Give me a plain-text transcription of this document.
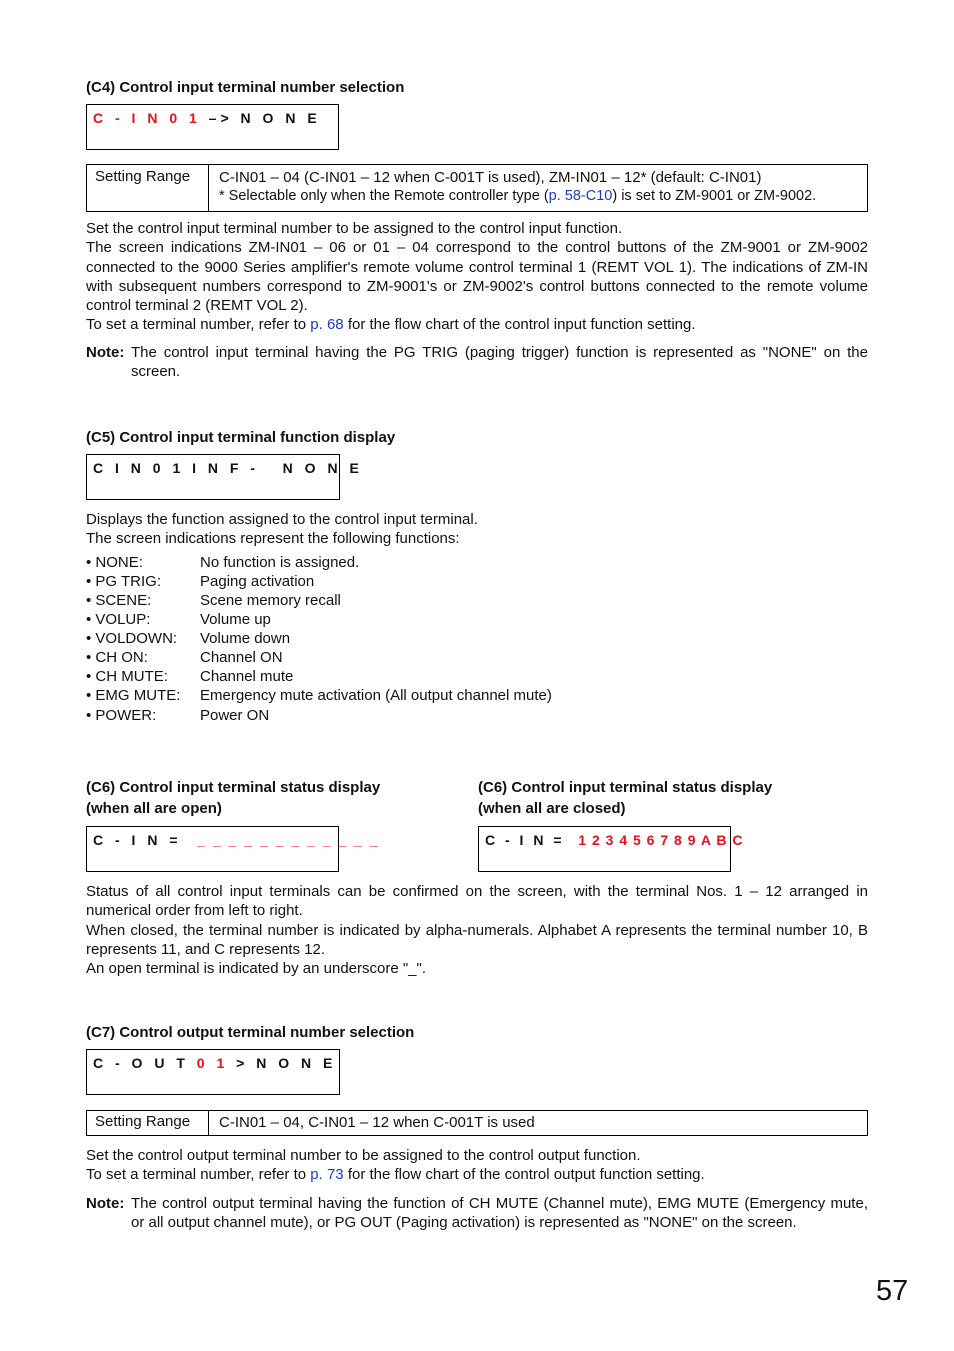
(C4) Control input terminal number selection
C - I N 0 1 –> N O N E
Setting Range	C-IN01 – 04 (C-IN01 – 12 when C-001T is used), ZM-IN01 – 12* (default: C-IN01)
* Selectable only when the Remote controller type (p. 58-C10) is set to ZM-9001 or ZM-9002.
Set the control input terminal number to be assigned to the control input function.
The screen indications ZM-IN01 – 06 or 01 – 04 correspond to the control buttons of the ZM-9001 or ZM-9002 connected to the 9000 Series amplifier's remote volume control terminal 1 (REMT VOL 1). The indications of ZM-IN with subsequent numbers correspond to ZM-9001's or ZM-9002's control buttons connected to the remote volume control terminal 2 (REMT VOL 2).
To set a terminal number, refer to p. 68 for the flow chart of the control input function setting.
Note: The control input terminal having the PG TRIG (paging trigger) function is represented as "NONE" on the screen.
(C5) Control input terminal function display
C I N 0 1 I N F -   N O N E
Displays the function assigned to the control input terminal.
The screen indications represent the following functions:
• NONE:	No function is assigned.
• PG TRIG:	Paging activation
• SCENE:	Scene memory recall
• VOLUP:	Volume up
• VOLDOWN: Volume down
• CH ON:	Channel ON
• CH MUTE: Channel mute
• EMG MUTE: Emergency mute activation (All output channel mute)
• POWER:	Power ON
(C6) Control input terminal status display
(when all are open)
(C6) Control input terminal status display
(when all are closed)
C - I N =  _ _ _ _ _ _ _ _ _ _ _ _	C - I N =  1 2 3 4 5 6 7 8 9 A B C
Status of all control input terminals can be confirmed on the screen, with the terminal Nos. 1 – 12 arranged in numerical order from left to right.
When closed, the terminal number is indicated by alpha-numerals. Alphabet A represents the terminal number 10, B represents 11, and C represents 12.
An open terminal is indicated by an underscore "_".
(C7) Control output terminal number selection
C - O U T 0 1 > N O N E
Setting Range	C-IN01 – 04, C-IN01 – 12 when C-001T is used
Set the control output terminal number to be assigned to the control output function.
To set a terminal number, refer to p. 73 for the flow chart of the control output function setting.
Note: The control output terminal having the function of CH MUTE (Channel mute), EMG MUTE (Emergency mute, or all output channel mute), or PG OUT (Paging activation) is represented as "NONE" on the screen.
57
